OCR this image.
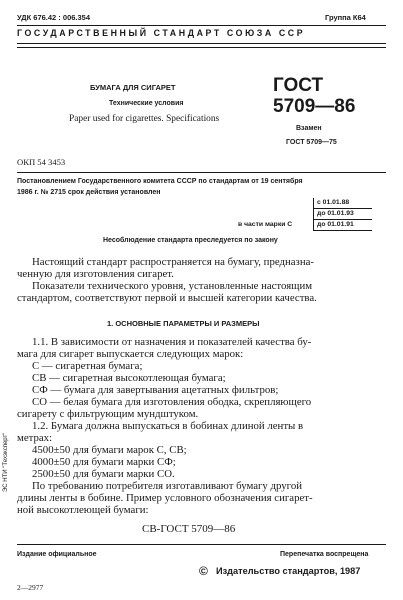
УДК 676.42 : 006.354	Группа К64
ГОСУДАРСТВЕННЫЙ СТАНДАРТ СОЮЗА ССР
БУМАГА ДЛЯ СИГАРЕТ
Технические условия
Paper used for cigarettes. Specifications
ГОСТ
5709—86
Взамен
ГОСТ 5709—75
ОКП 54 3453
Постановлением Государственного комитета СССР по стандартам от 19 сентября
1986 г. № 2715 срок действия установлен
с 01.01.88
до 01.01.93
в части марки С	до 01.01.91
Несоблюдение стандарта преследуется по закону
Настоящий стандарт распространяется на бумагу, предназна-
ченную для изготовления сигарет.
Показатели технического уровня, установленные настоящим
стандартом, соответствуют первой и высшей категории качества.
1. ОСНОВНЫЕ ПАРАМЕТРЫ И РАЗМЕРЫ
1.1. В зависимости от назначения и показателей качества бу-
мага для сигарет выпускается следующих марок:
С — сигаретная бумага;
СВ — сигаретная высокотлеющая бумага;
СФ — бумага для завертывания ацетатных фильтров;
СО — белая бумага для изготовления ободка, скрепляющего
сигарету с фильтрующим мундштуком.
1.2. Бумага должна выпускаться в бобинах длиной ленты в
метрах:
4500±50 для бумаги марок С, СВ;
4000±50 для бумаги марки СФ;
2500±50 для бумаги марки СО.
По требованию потребителя изготавливают бумагу другой
длины ленты в бобине. Пример условного обозначения сигарет-
ной высокотлеющей бумаги:
СВ-ГОСТ 5709—86
Издание официальное	Перепечатка воспрещена
© Издательство стандартов, 1987
2—2977
ЭС НТИ "Техэксперт"
